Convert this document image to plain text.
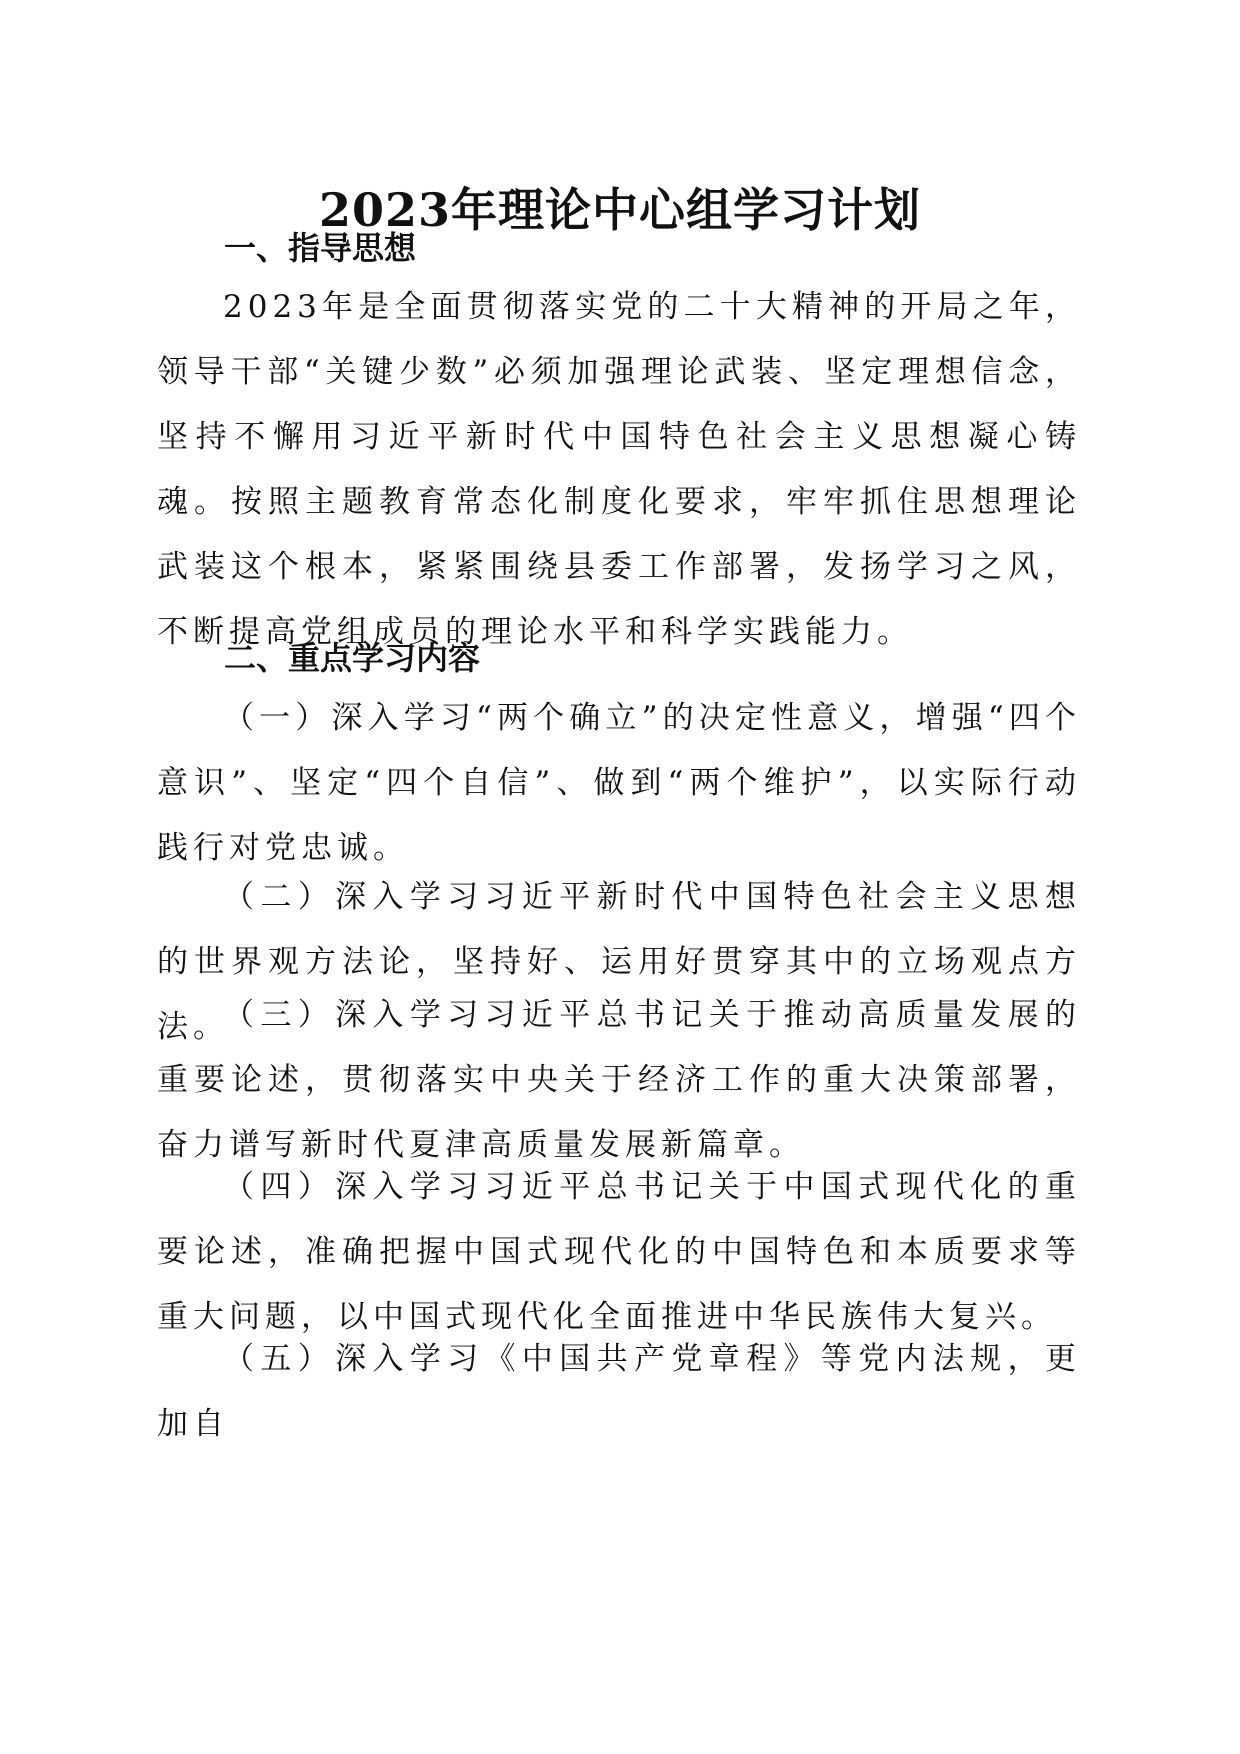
2023年理论中心组学习计划
一、指导思想
2023年是全面贯彻落实党的二十大精神的开局之年，领导干部“关键少数”必须加强理论武装、坚定理想信念，坚持不懈用习近平新时代中国特色社会主义思想凝心铸魂。按照主题教育常态化制度化要求，牢牢抓住思想理论武装这个根本，紧紧围绕县委工作部署，发扬学习之风，不断提高党组成员的理论水平和科学实践能力。
二、重点学习内容
（一）深入学习“两个确立”的决定性意义，增强“四个意识”、坚定“四个自信”、做到“两个维护”，以实际行动践行对党忠诚。
（二）深入学习习近平新时代中国特色社会主义思想的世界观方法论，坚持好、运用好贯穿其中的立场观点方法。
（三）深入学习习近平总书记关于推动高质量发展的重要论述，贯彻落实中央关于经济工作的重大决策部署，奋力谱写新时代夏津高质量发展新篇章。
（四）深入学习习近平总书记关于中国式现代化的重要论述，准确把握中国式现代化的中国特色和本质要求等重大问题，以中国式现代化全面推进中华民族伟大复兴。
（五）深入学习《中国共产党章程》等党内法规，更加自
